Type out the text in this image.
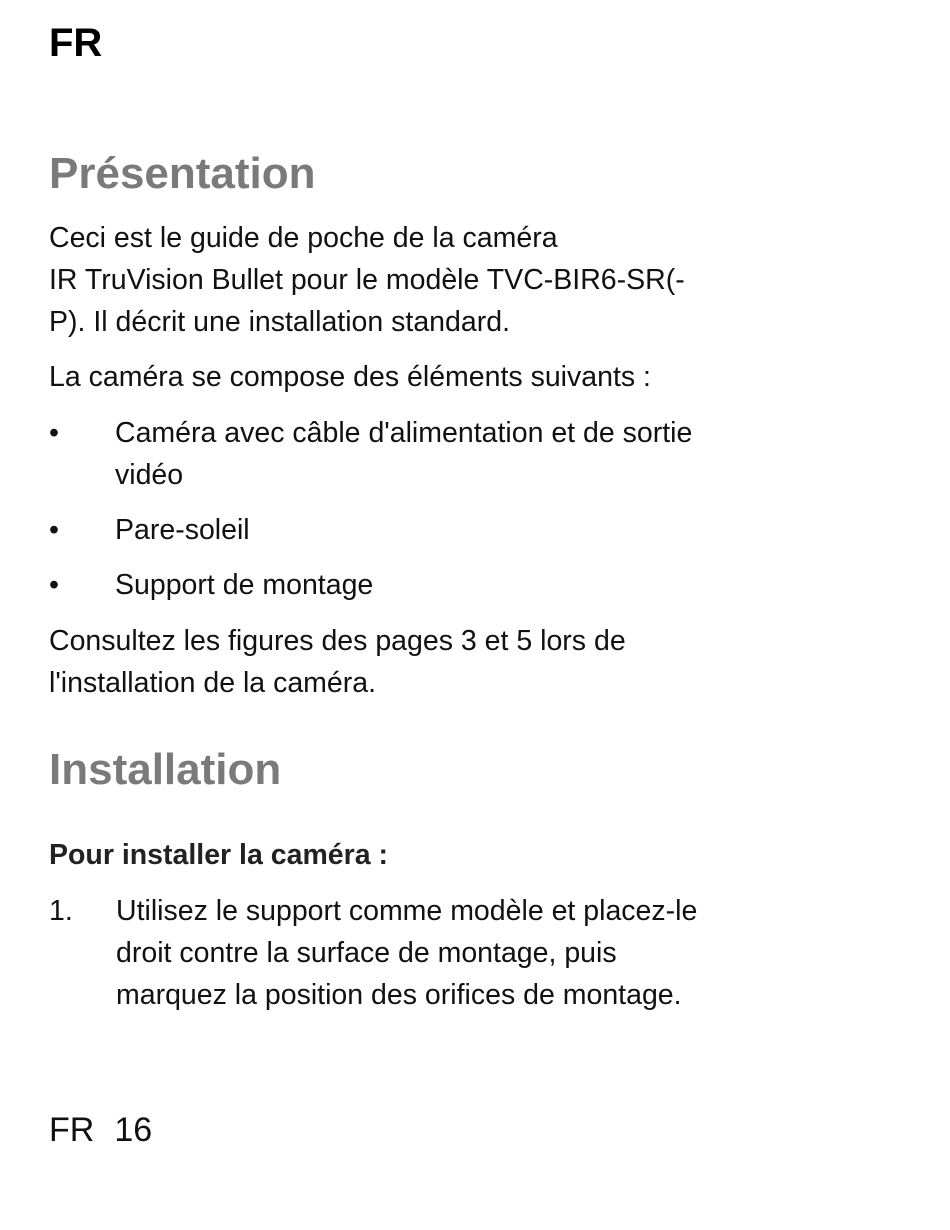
FR
Présentation
Ceci est le guide de poche de la caméra
IR TruVision Bullet pour le modèle TVC-BIR6-SR(-
P). Il décrit une installation standard.
La caméra se compose des éléments suivants :
• Caméra avec câble d'alimentation et de sortie
vidéo
• Pare-soleil
• Support de montage
Consultez les figures des pages 3 et 5 lors de
l'installation de la caméra.
Installation
Pour installer la caméra :
1. Utilisez le support comme modèle et placez-le
droit contre la surface de montage, puis
marquez la position des orifices de montage.
FR 16
